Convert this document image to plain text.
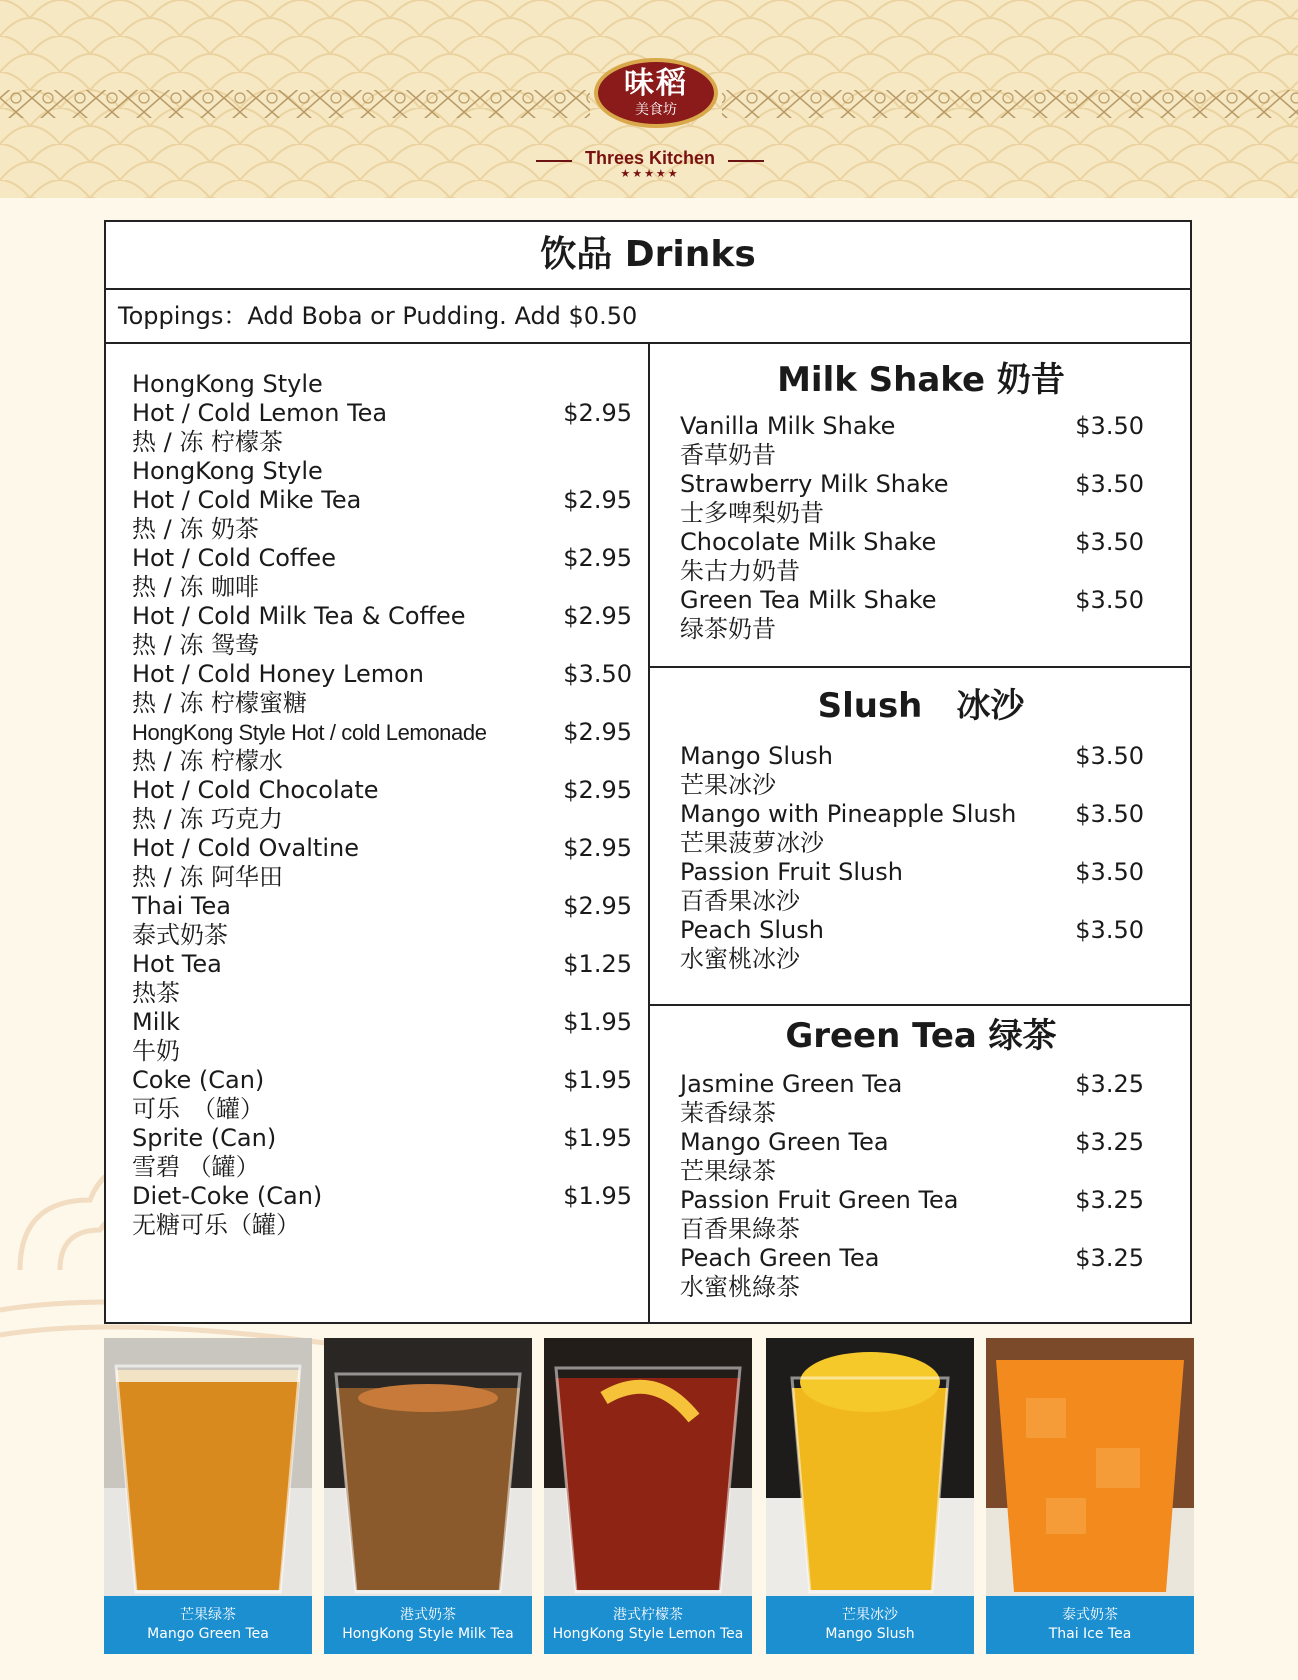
味稻
美食坊
Threes Kitchen
★★★★★
饮品 Drinks
Toppings：Add Boba or Pudding. Add $0.50
HongKong Style
Hot / Cold Lemon Tea	$2.95
热 / 冻 柠檬茶
HongKong Style
Hot / Cold Mike Tea	$2.95
热 / 冻 奶茶
Hot / Cold Coffee	$2.95
热 / 冻 咖啡
Hot / Cold Milk Tea & Coffee	$2.95
热 / 冻 鸳鸯
Hot / Cold Honey Lemon	$3.50
热 / 冻 柠檬蜜糖
HongKong Style Hot / cold Lemonade	$2.95
热 / 冻 柠檬水
Hot / Cold Chocolate	$2.95
热 / 冻 巧克力
Hot / Cold Ovaltine	$2.95
热 / 冻 阿华田
Thai Tea	$2.95
泰式奶茶
Hot Tea	$1.25
热茶
Milk	$1.95
牛奶
Coke (Can)	$1.95
可乐　（罐）
Sprite (Can)	$1.95
雪碧 （罐）
Diet-Coke (Can)	$1.95
无糖可乐（罐）
Milk Shake 奶昔
Vanilla Milk Shake	$3.50
香草奶昔
Strawberry Milk Shake	$3.50
士多啤梨奶昔
Chocolate Milk Shake	$3.50
朱古力奶昔
Green Tea Milk Shake	$3.50
绿茶奶昔
Slush　冰沙
Mango Slush	$3.50
芒果冰沙
Mango with Pineapple Slush	$3.50
芒果菠萝冰沙
Passion Fruit Slush	$3.50
百香果冰沙
Peach Slush	$3.50
水蜜桃冰沙
Green Tea 绿茶
Jasmine Green Tea	$3.25
茉香绿茶
Mango Green Tea	$3.25
芒果绿茶
Passion Fruit Green Tea	$3.25
百香果綠茶
Peach Green Tea	$3.25
水蜜桃綠茶
芒果绿茶
Mango Green Tea
港式奶茶
HongKong Style Milk Tea
港式柠檬茶
HongKong Style Lemon Tea
芒果冰沙
Mango Slush
泰式奶茶
Thai Ice Tea
